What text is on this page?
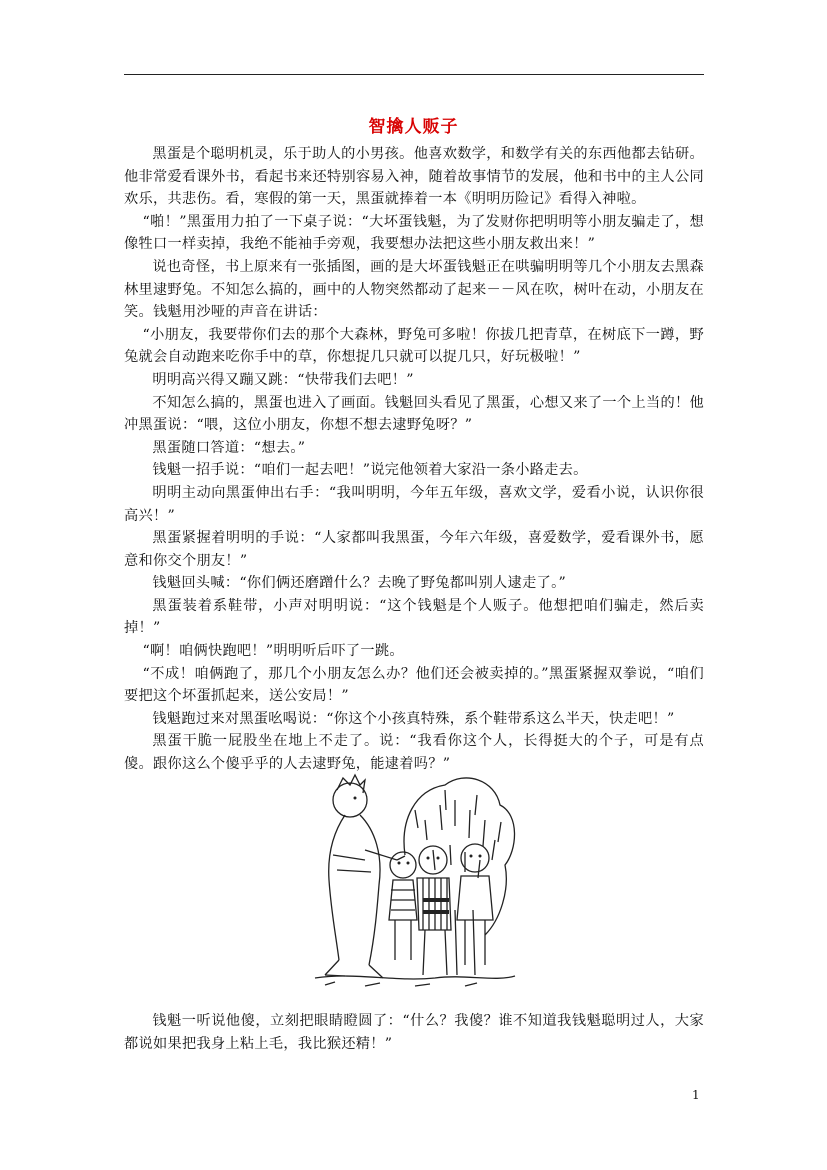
智擒人贩子

黑蛋是个聪明机灵，乐于助人的小男孩。他喜欢数学，和数学有关的东西他都去钻研。他非常爱看课外书，看起书来还特别容易入神，随着故事情节的发展，他和书中的主人公同欢乐，共悲伤。看，寒假的第一天，黑蛋就捧着一本《明明历险记》看得入神啦。

“啪！”黑蛋用力拍了一下桌子说：“大坏蛋钱魁，为了发财你把明明等小朋友骗走了，想像牲口一样卖掉，我绝不能袖手旁观，我要想办法把这些小朋友救出来！”

说也奇怪，书上原来有一张插图，画的是大坏蛋钱魁正在哄骗明明等几个小朋友去黑森林里逮野兔。不知怎么搞的，画中的人物突然都动了起来－－风在吹，树叶在动，小朋友在笑。钱魁用沙哑的声音在讲话：

“小朋友，我要带你们去的那个大森林，野兔可多啦！你拔几把青草，在树底下一蹲，野兔就会自动跑来吃你手中的草，你想捉几只就可以捉几只，好玩极啦！”

明明高兴得又蹦又跳：“快带我们去吧！”

不知怎么搞的，黑蛋也进入了画面。钱魁回头看见了黑蛋，心想又来了一个上当的！他冲黑蛋说：“喂，这位小朋友，你想不想去逮野兔呀？”

黑蛋随口答道：“想去。”

钱魁一招手说：“咱们一起去吧！”说完他领着大家沿一条小路走去。

明明主动向黑蛋伸出右手：“我叫明明，今年五年级，喜欢文学，爱看小说，认识你很高兴！”

黑蛋紧握着明明的手说：“人家都叫我黑蛋，今年六年级，喜爱数学，爱看课外书，愿意和你交个朋友！”

钱魁回头喊：“你们俩还磨蹭什么？去晚了野兔都叫别人逮走了。”

黑蛋装着系鞋带，小声对明明说：“这个钱魁是个人贩子。他想把咱们骗走，然后卖掉！”

“啊！咱俩快跑吧！”明明听后吓了一跳。

“不成！咱俩跑了，那几个小朋友怎么办？他们还会被卖掉的。”黑蛋紧握双拳说，“咱们要把这个坏蛋抓起来，送公安局！”

钱魁跑过来对黑蛋吆喝说：“你这个小孩真特殊，系个鞋带系这么半天，快走吧！”

黑蛋干脆一屁股坐在地上不走了。说：“我看你这个人，长得挺大的个子，可是有点傻。跟你这么个傻乎乎的人去逮野兔，能逮着吗？”

钱魁一听说他傻，立刻把眼睛瞪圆了：“什么？我傻？谁不知道我钱魁聪明过人，大家都说如果把我身上粘上毛，我比猴还精！”

1
